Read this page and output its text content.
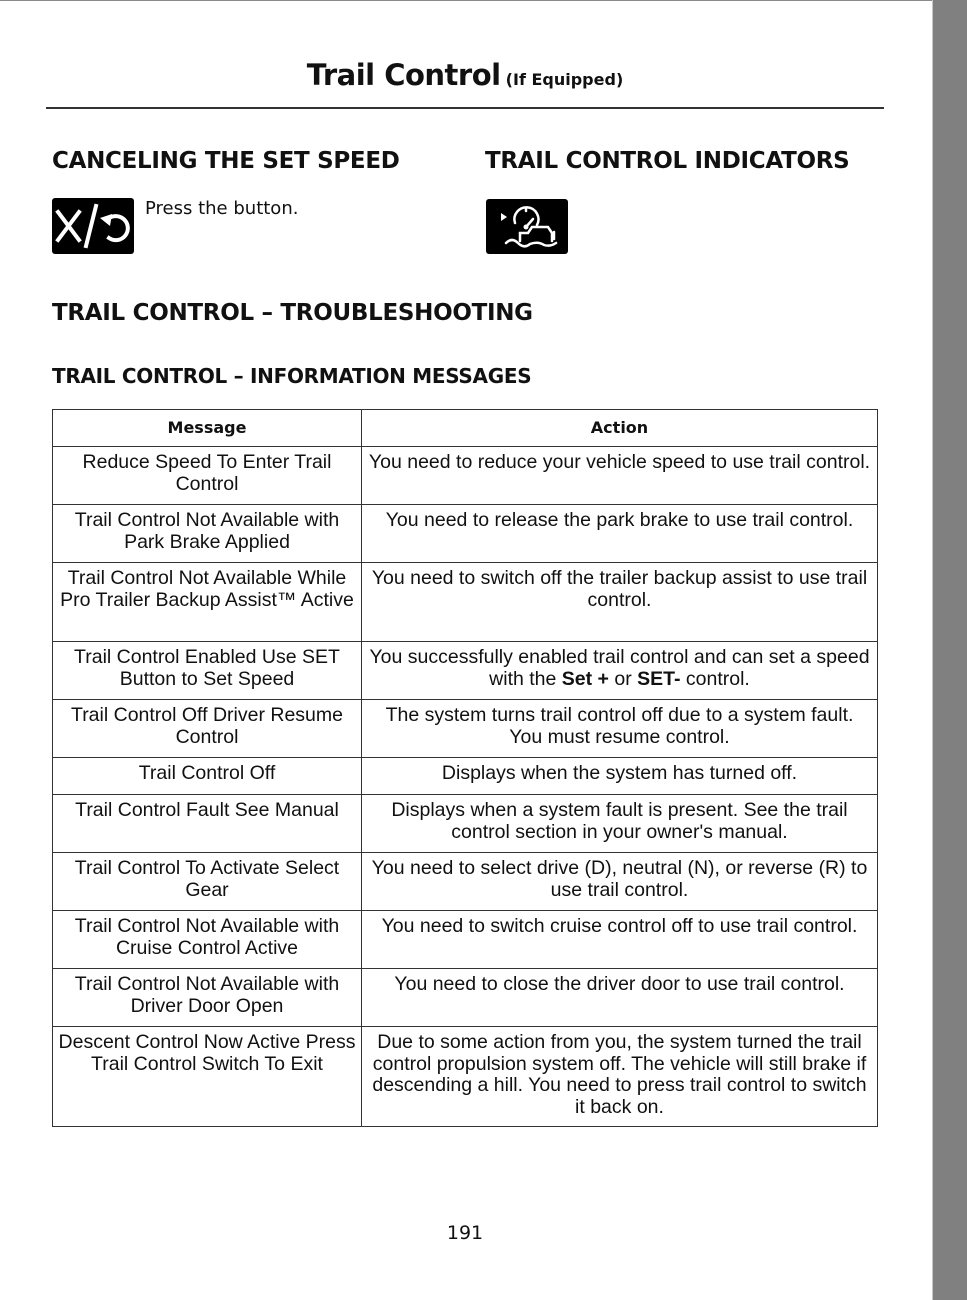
Trail Control (If Equipped)
CANCELING THE SET SPEED
Press the button.
TRAIL CONTROL INDICATORS
TRAIL CONTROL – TROUBLESHOOTING
TRAIL CONTROL – INFORMATION MESSAGES
Message	Action
Reduce Speed To Enter Trail Control	You need to reduce your vehicle speed to use trail control.
Trail Control Not Available with Park Brake Applied	You need to release the park brake to use trail control.
Trail Control Not Available While Pro Trailer Backup Assist™ Active	You need to switch off the trailer backup assist to use trail control.
Trail Control Enabled Use SET Button to Set Speed	You successfully enabled trail control and can set a speed with the Set + or SET- control.
Trail Control Off Driver Resume Control	The system turns trail control off due to a system fault. You must resume control.
Trail Control Off	Displays when the system has turned off.
Trail Control Fault See Manual	Displays when a system fault is present. See the trail control section in your owner's manual.
Trail Control To Activate Select Gear	You need to select drive (D), neutral (N), or reverse (R) to use trail control.
Trail Control Not Available with Cruise Control Active	You need to switch cruise control off to use trail control.
Trail Control Not Available with Driver Door Open	You need to close the driver door to use trail control.
Descent Control Now Active Press Trail Control Switch To Exit	Due to some action from you, the system turned the trail control propulsion system off. The vehicle will still brake if descending a hill. You need to press trail control to switch it back on.
191
